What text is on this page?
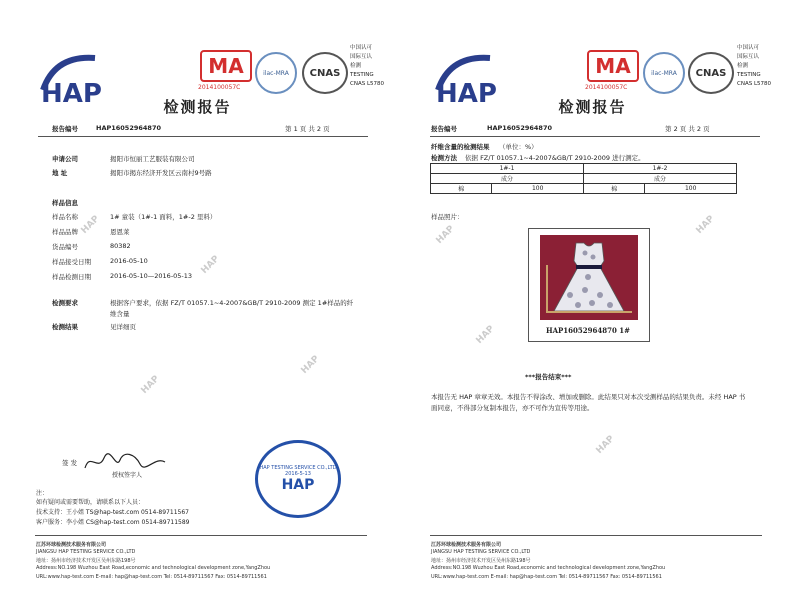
HAP
MA
2014100057C
ilac-MRA	CNAS
中国认可
国际互认
检测
TESTING
CNAS L5780
检测报告
报告编号	HAP16052964870	第 1 页 共 2 页
申请公司	揭阳市恒丽工艺服装有限公司
地 址	揭阳市揭东经济开发区云南村9号路
样品信息
样品名称	1# 童装（1#-1 面料，1#-2 里料）
样品品牌	恩恩莱
货品编号	80382
样品接受日期	2016-05-10
样品检测日期	2016-05-10—2016-05-13
检测要求	根据客户要求，依据 FZ/T 01057.1~4-2007&GB/T 2910-2009 测定 1#样品的纤
维含量
检测结果	见详细页
HAP
HAP
HAP
HAP
签 发
授权签字人
HAP TESTING SERVICE CO.,LTD
2016-5-13
HAP
注：
如有疑问或需要帮助，请联系以下人员：
技术支持：王小姐 TS@hap-test.com 0514-89711567
客户服务：李小姐 CS@hap-test.com 0514-89711589
江苏环球检测技术服务有限公司
JIANGSU HAP TESTING SERVICE CO.,LTD
地址：扬州市经济技术开发区吴州东路198号
Address:NO.198 Wuzhou East Road,economic and technological development zone,YangZhou
URL:www.hap-test.com E-mail: hap@hap-test.com Tel: 0514-89711567 Fax: 0514-89711561
HAP
MA
2014100057C
ilac-MRA	CNAS
中国认可
国际互认
检测
TESTING
CNAS L5780
检测报告
报告编号	HAP16052964870	第 2 页 共 2 页
纤维含量的检测结果 （单位：%）
检测方法 依据 FZ/T 01057.1~4-2007&GB/T 2910-2009 进行测定。
1#-1		1#-2	
成分		成分	
棉	100	棉	100
样品照片：
HAP	HAP
HAP
HAP
***报告结束***
本报告无 HAP 章章无效。本报告不得涂改、增加或删除。此结果只对本次受测样品的结果负责。未经 HAP 书
面同意，不得部分复制本报告，亦不可作为宣传等用途。
江苏环球检测技术服务有限公司
JIANGSU HAP TESTING SERVICE CO.,LTD
地址：扬州市经济技术开发区吴州东路198号
Address:NO.198 Wuzhou East Road,economic and technological development zone,YangZhou
URL:www.hap-test.com E-mail: hap@hap-test.com Tel: 0514-89711567 Fax: 0514-89711561
HAP16052964870 1#
